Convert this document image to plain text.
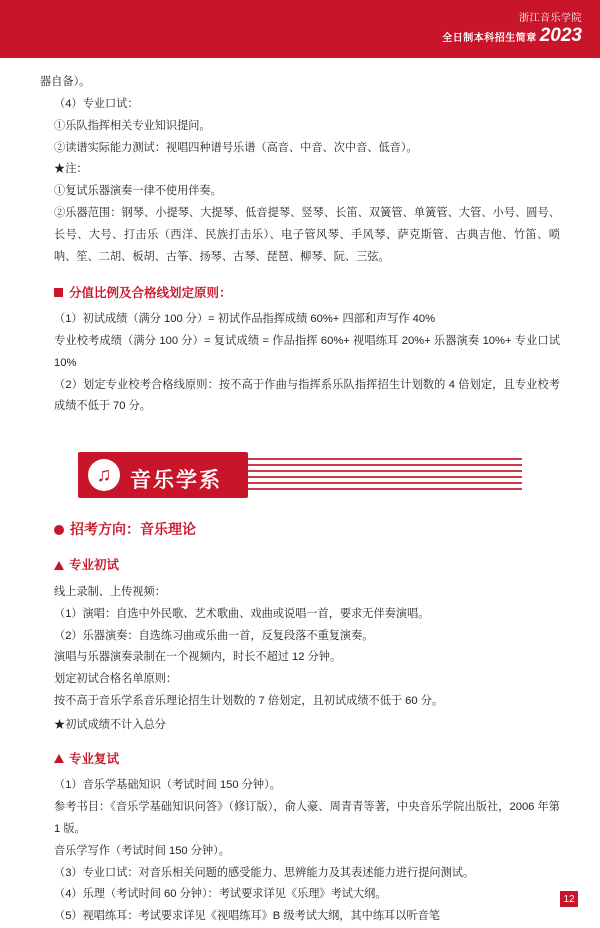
浙江音乐学院
全日制本科招生简章 2023

器自备）。

（4）专业口试：

①乐队指挥相关专业知识提问。

②读谱实际能力测试：视唱四种谱号乐谱（高音、中音、次中音、低音）。

★注：

①复试乐器演奏一律不使用伴奏。

②乐器范围：钢琴、小提琴、大提琴、低音提琴、竖琴、长笛、双簧管、单簧管、大管、小号、圆号、长号、大号、打击乐（西洋、民族打击乐）、电子管风琴、手风琴、萨克斯管、古典吉他、竹笛、唢呐、笙、二胡、板胡、古筝、扬琴、古琴、琵琶、柳琴、阮、三弦。

分值比例及合格线划定原则：

（1）初试成绩（满分 100 分）= 初试作品指挥成绩 60%+ 四部和声写作 40%

专业校考成绩（满分 100 分）= 复试成绩 = 作品指挥 60%+ 视唱练耳 20%+ 乐器演奏 10%+ 专业口试 10%

（2）划定专业校考合格线原则：按不高于作曲与指挥系乐队指挥招生计划数的 4 倍划定，且专业校考成绩不低于 70 分。

♫ 音乐学系
招考方向：音乐理论
专业初试

线上录制、上传视频：

（1）演唱：自选中外民歌、艺术歌曲、戏曲或说唱一首，要求无伴奏演唱。

（2）乐器演奏：自选练习曲或乐曲一首，反复段落不重复演奏。

演唱与乐器演奏录制在一个视频内，时长不超过 12 分钟。

划定初试合格名单原则：

按不高于音乐学系音乐理论招生计划数的 7 倍划定，且初试成绩不低于 60 分。

★初试成绩不计入总分

专业复试

（1）音乐学基础知识（考试时间 150 分钟）。

参考书目：《音乐学基础知识问答》（修订版），俞人豪、周青青等著，中央音乐学院出版社，2006 年第 1 版。

音乐学写作（考试时间 150 分钟）。

（3）专业口试：对音乐相关问题的感受能力、思辨能力及其表述能力进行提问测试。

（4）乐理（考试时间 60 分钟）：考试要求详见《乐理》考试大纲。

（5）视唱练耳：考试要求详见《视唱练耳》B 级考试大纲，其中练耳以听音笔

12
